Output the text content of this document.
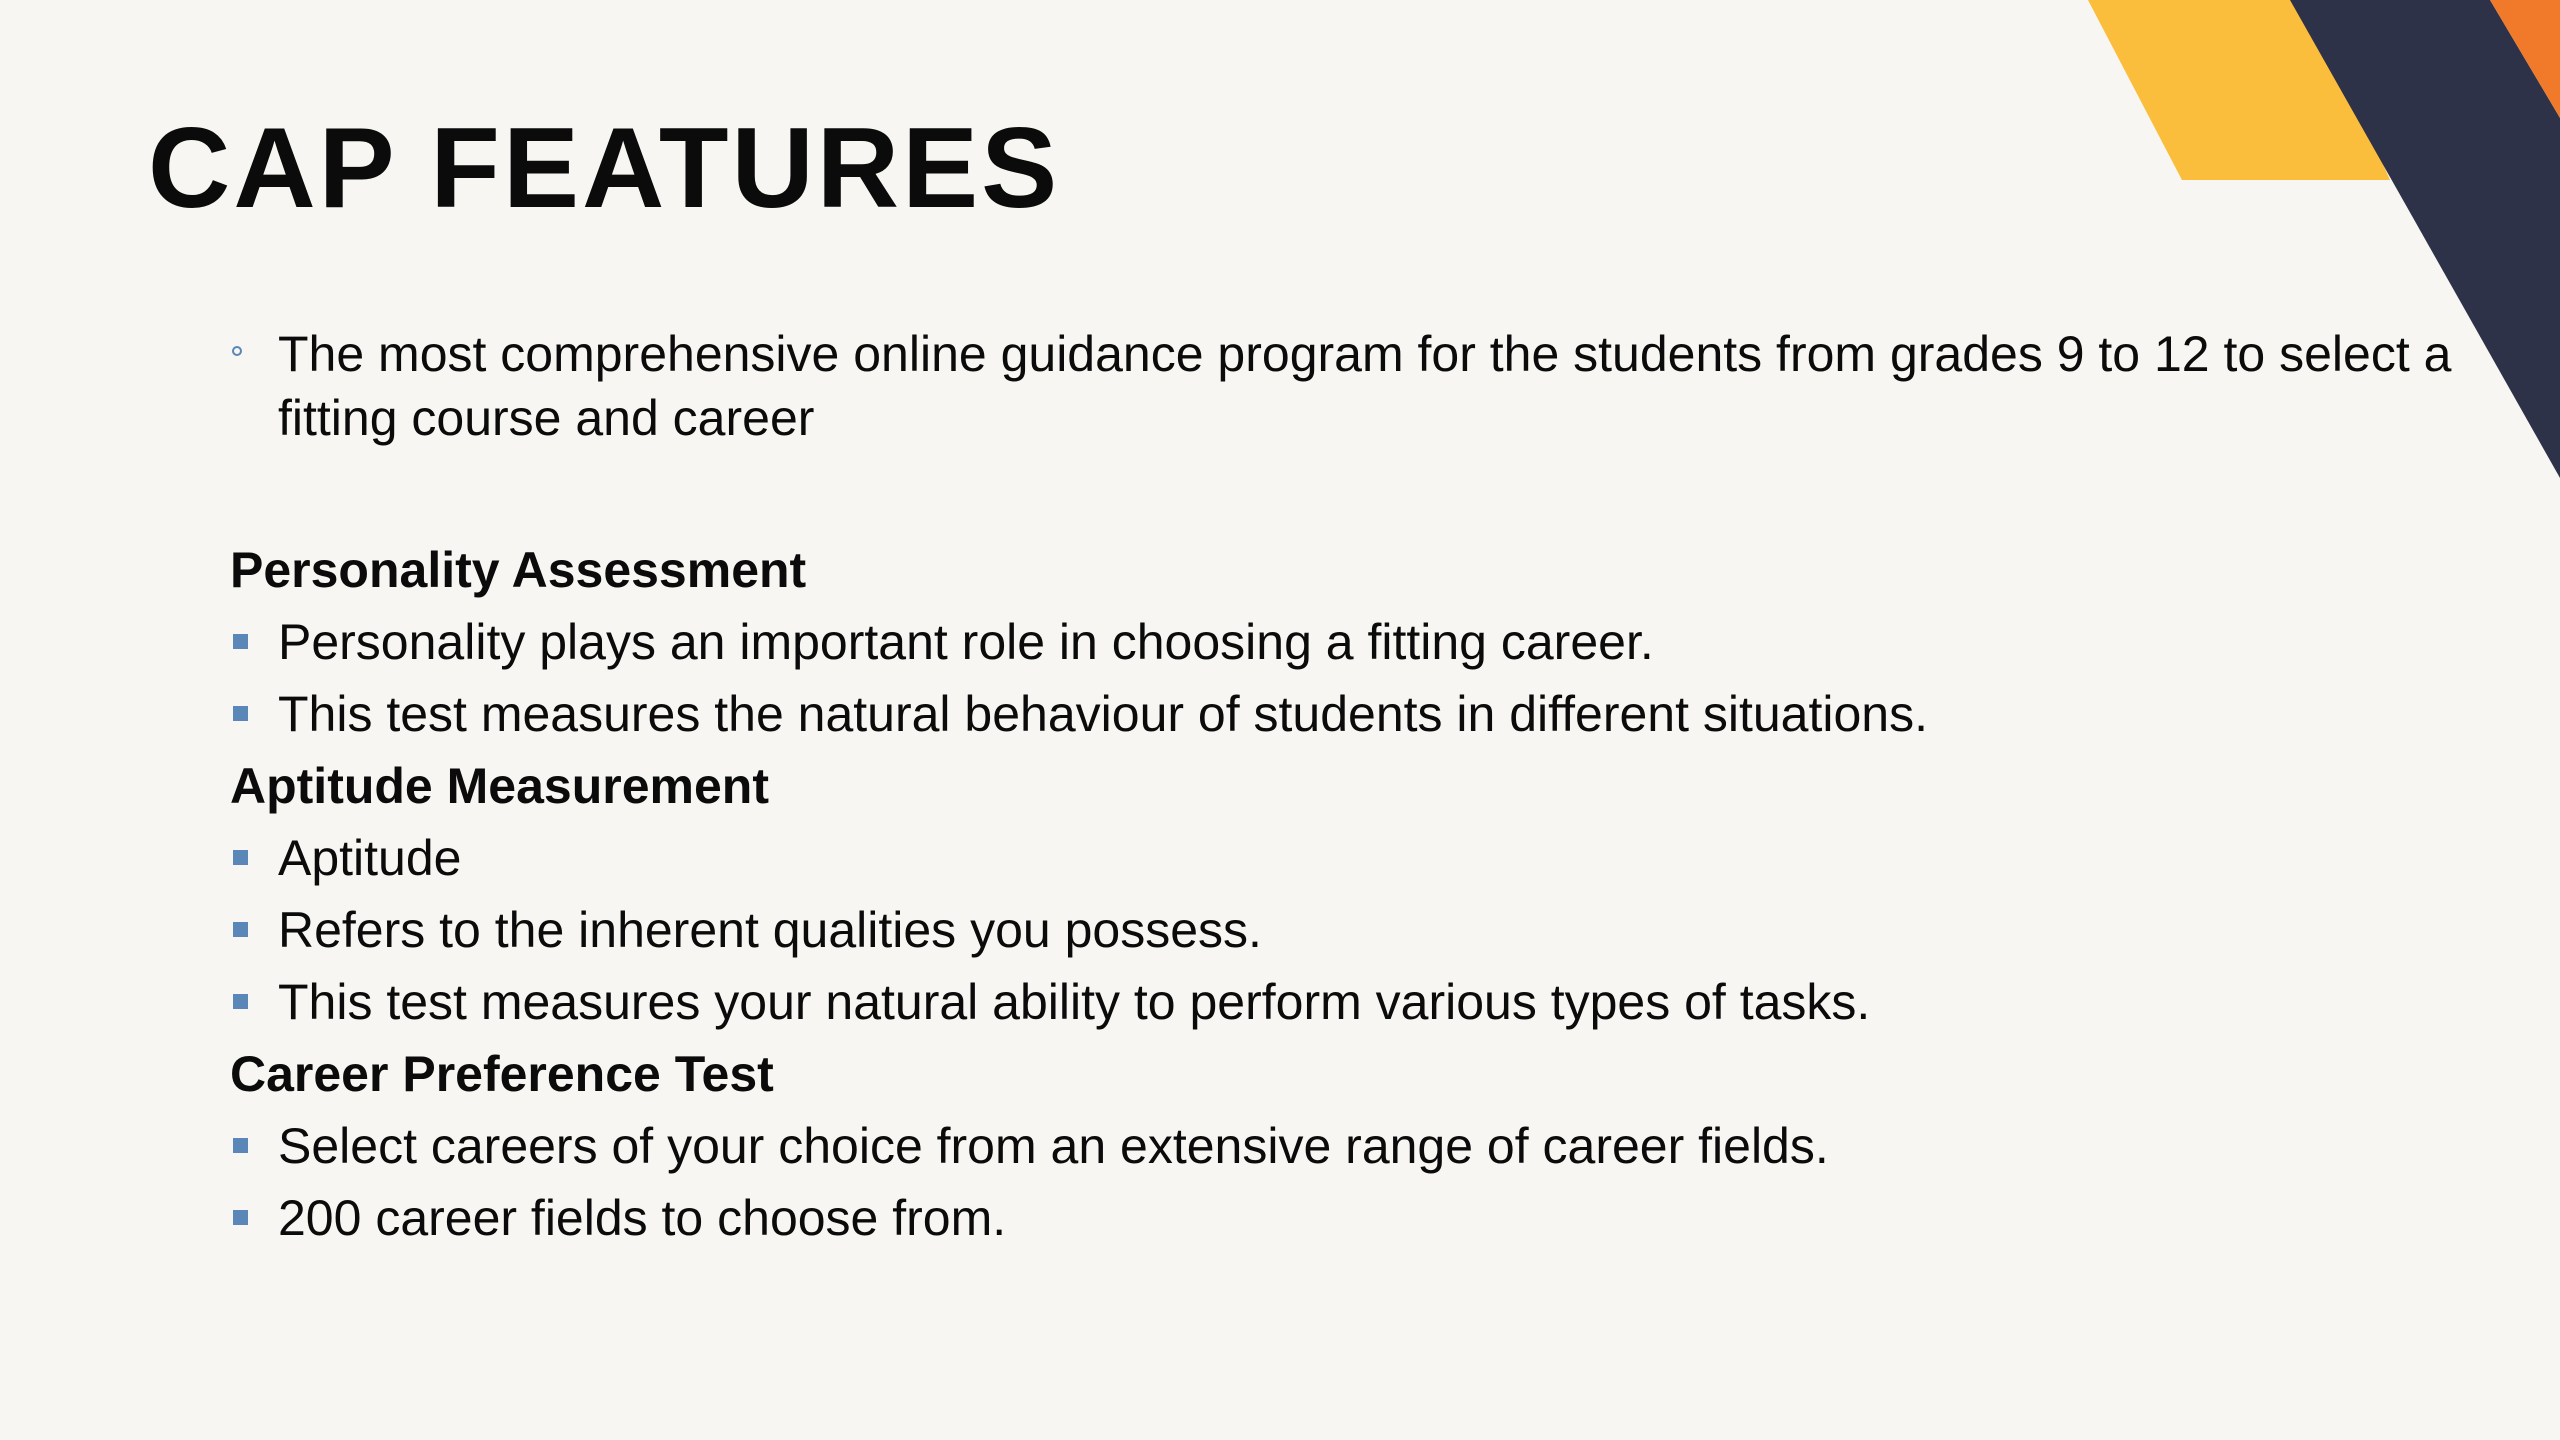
CAP FEATURES
The most comprehensive online guidance program for the students from grades 9 to 12 to select a fitting course and career
Personality Assessment
Personality plays an important role in choosing a fitting career.
This test measures the natural behaviour of students in different situations.
Aptitude Measurement
Aptitude
Refers to the inherent qualities you possess.
This test measures your natural ability to perform various types of tasks.
Career Preference Test
Select careers of your choice from an extensive range of career fields.
200 career fields to choose from.
